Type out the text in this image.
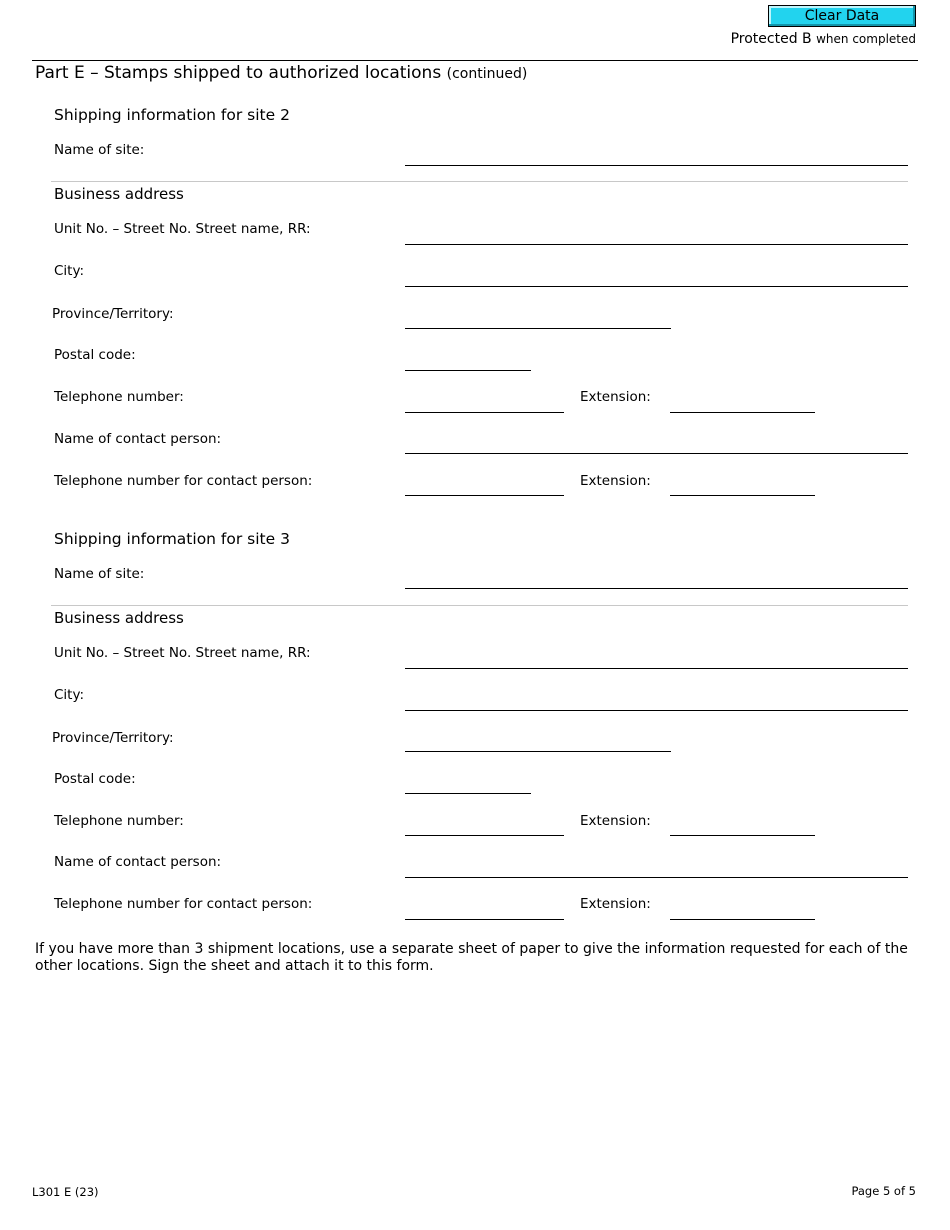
Clear Data
Protected B when completed
Part E – Stamps shipped to authorized locations (continued)
Shipping information for site 2
Name of site:
Business address
Unit No. – Street No. Street name, RR:
City:
Province/Territory:
Postal code:
Telephone number:	Extension:
Name of contact person:
Telephone number for contact person:	Extension:
Shipping information for site 3
Name of site:
Business address
Unit No. – Street No. Street name, RR:
City:
Province/Territory:
Postal code:
Telephone number:	Extension:
Name of contact person:
Telephone number for contact person:	Extension:
If you have more than 3 shipment locations, use a separate sheet of paper to give the information requested for each of the other locations. Sign the sheet and attach it to this form.
L301 E (23)	Page 5 of 5
